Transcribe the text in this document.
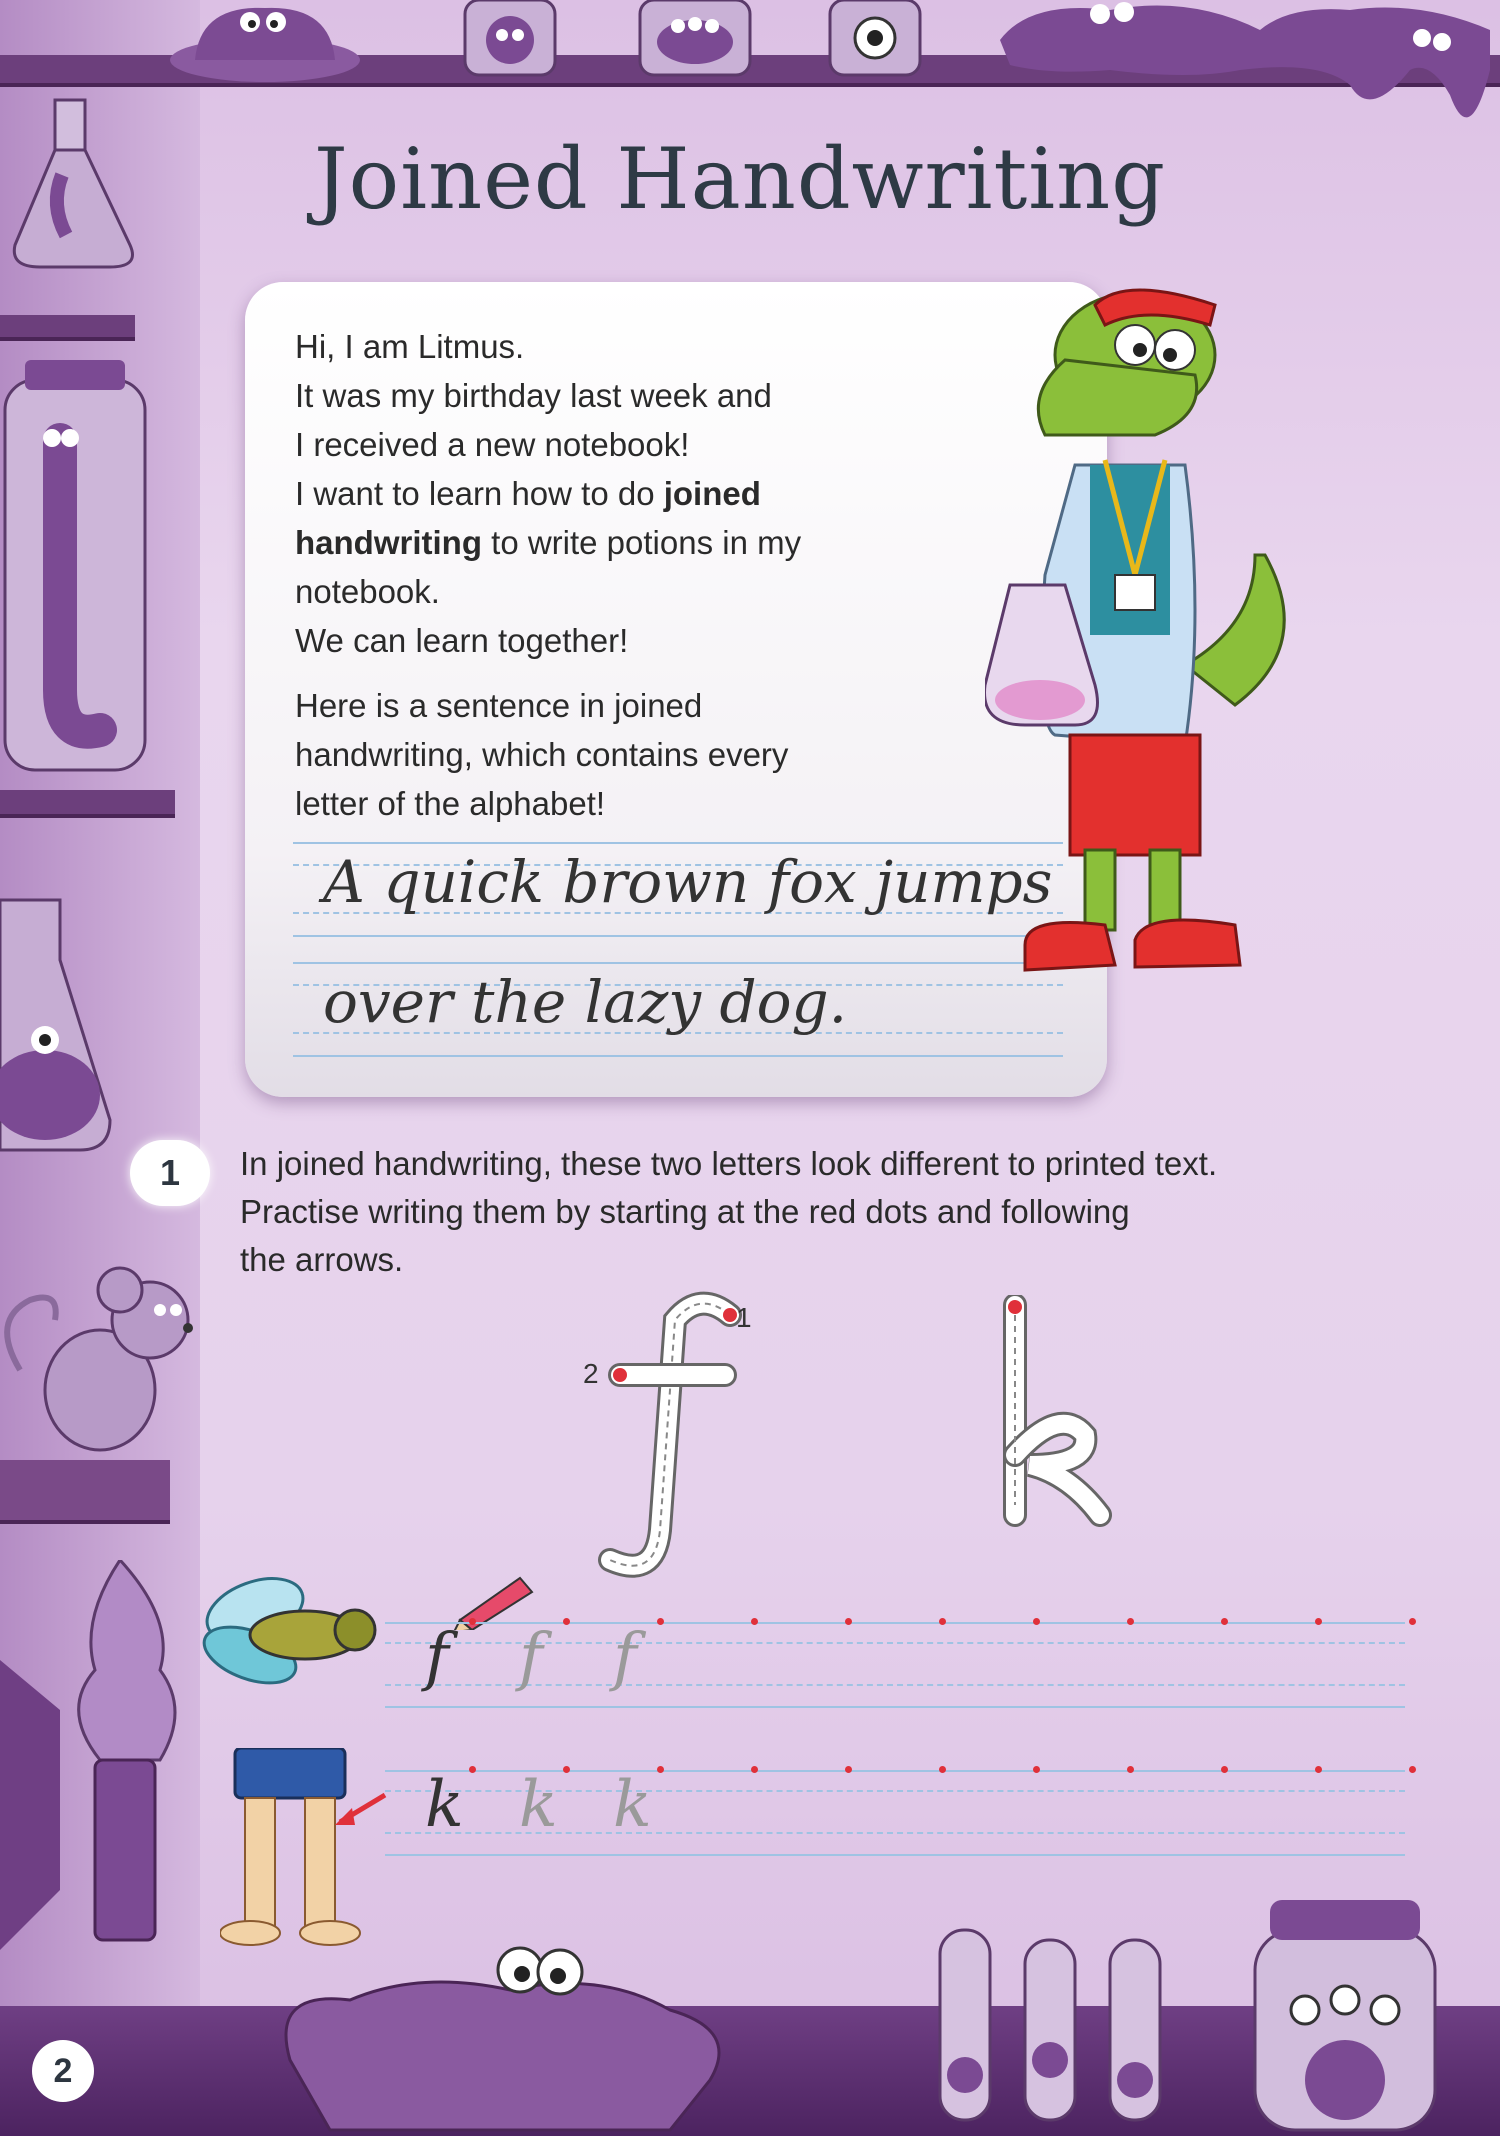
Joined Handwriting

Hi, I am Litmus.

It was my birthday last week and

I received a new notebook!

I want to learn how to do joined

handwriting to write potions in my

notebook.

We can learn together!

Here is a sentence in joined

handwriting, which contains every

letter of the alphabet!

A quick brown fox jumps
over the lazy dog.
1	In joined handwriting, these two letters look different to printed text.

Practise writing them by starting at the red dots and following

the arrows.

1
2
f f f
k k k
2
